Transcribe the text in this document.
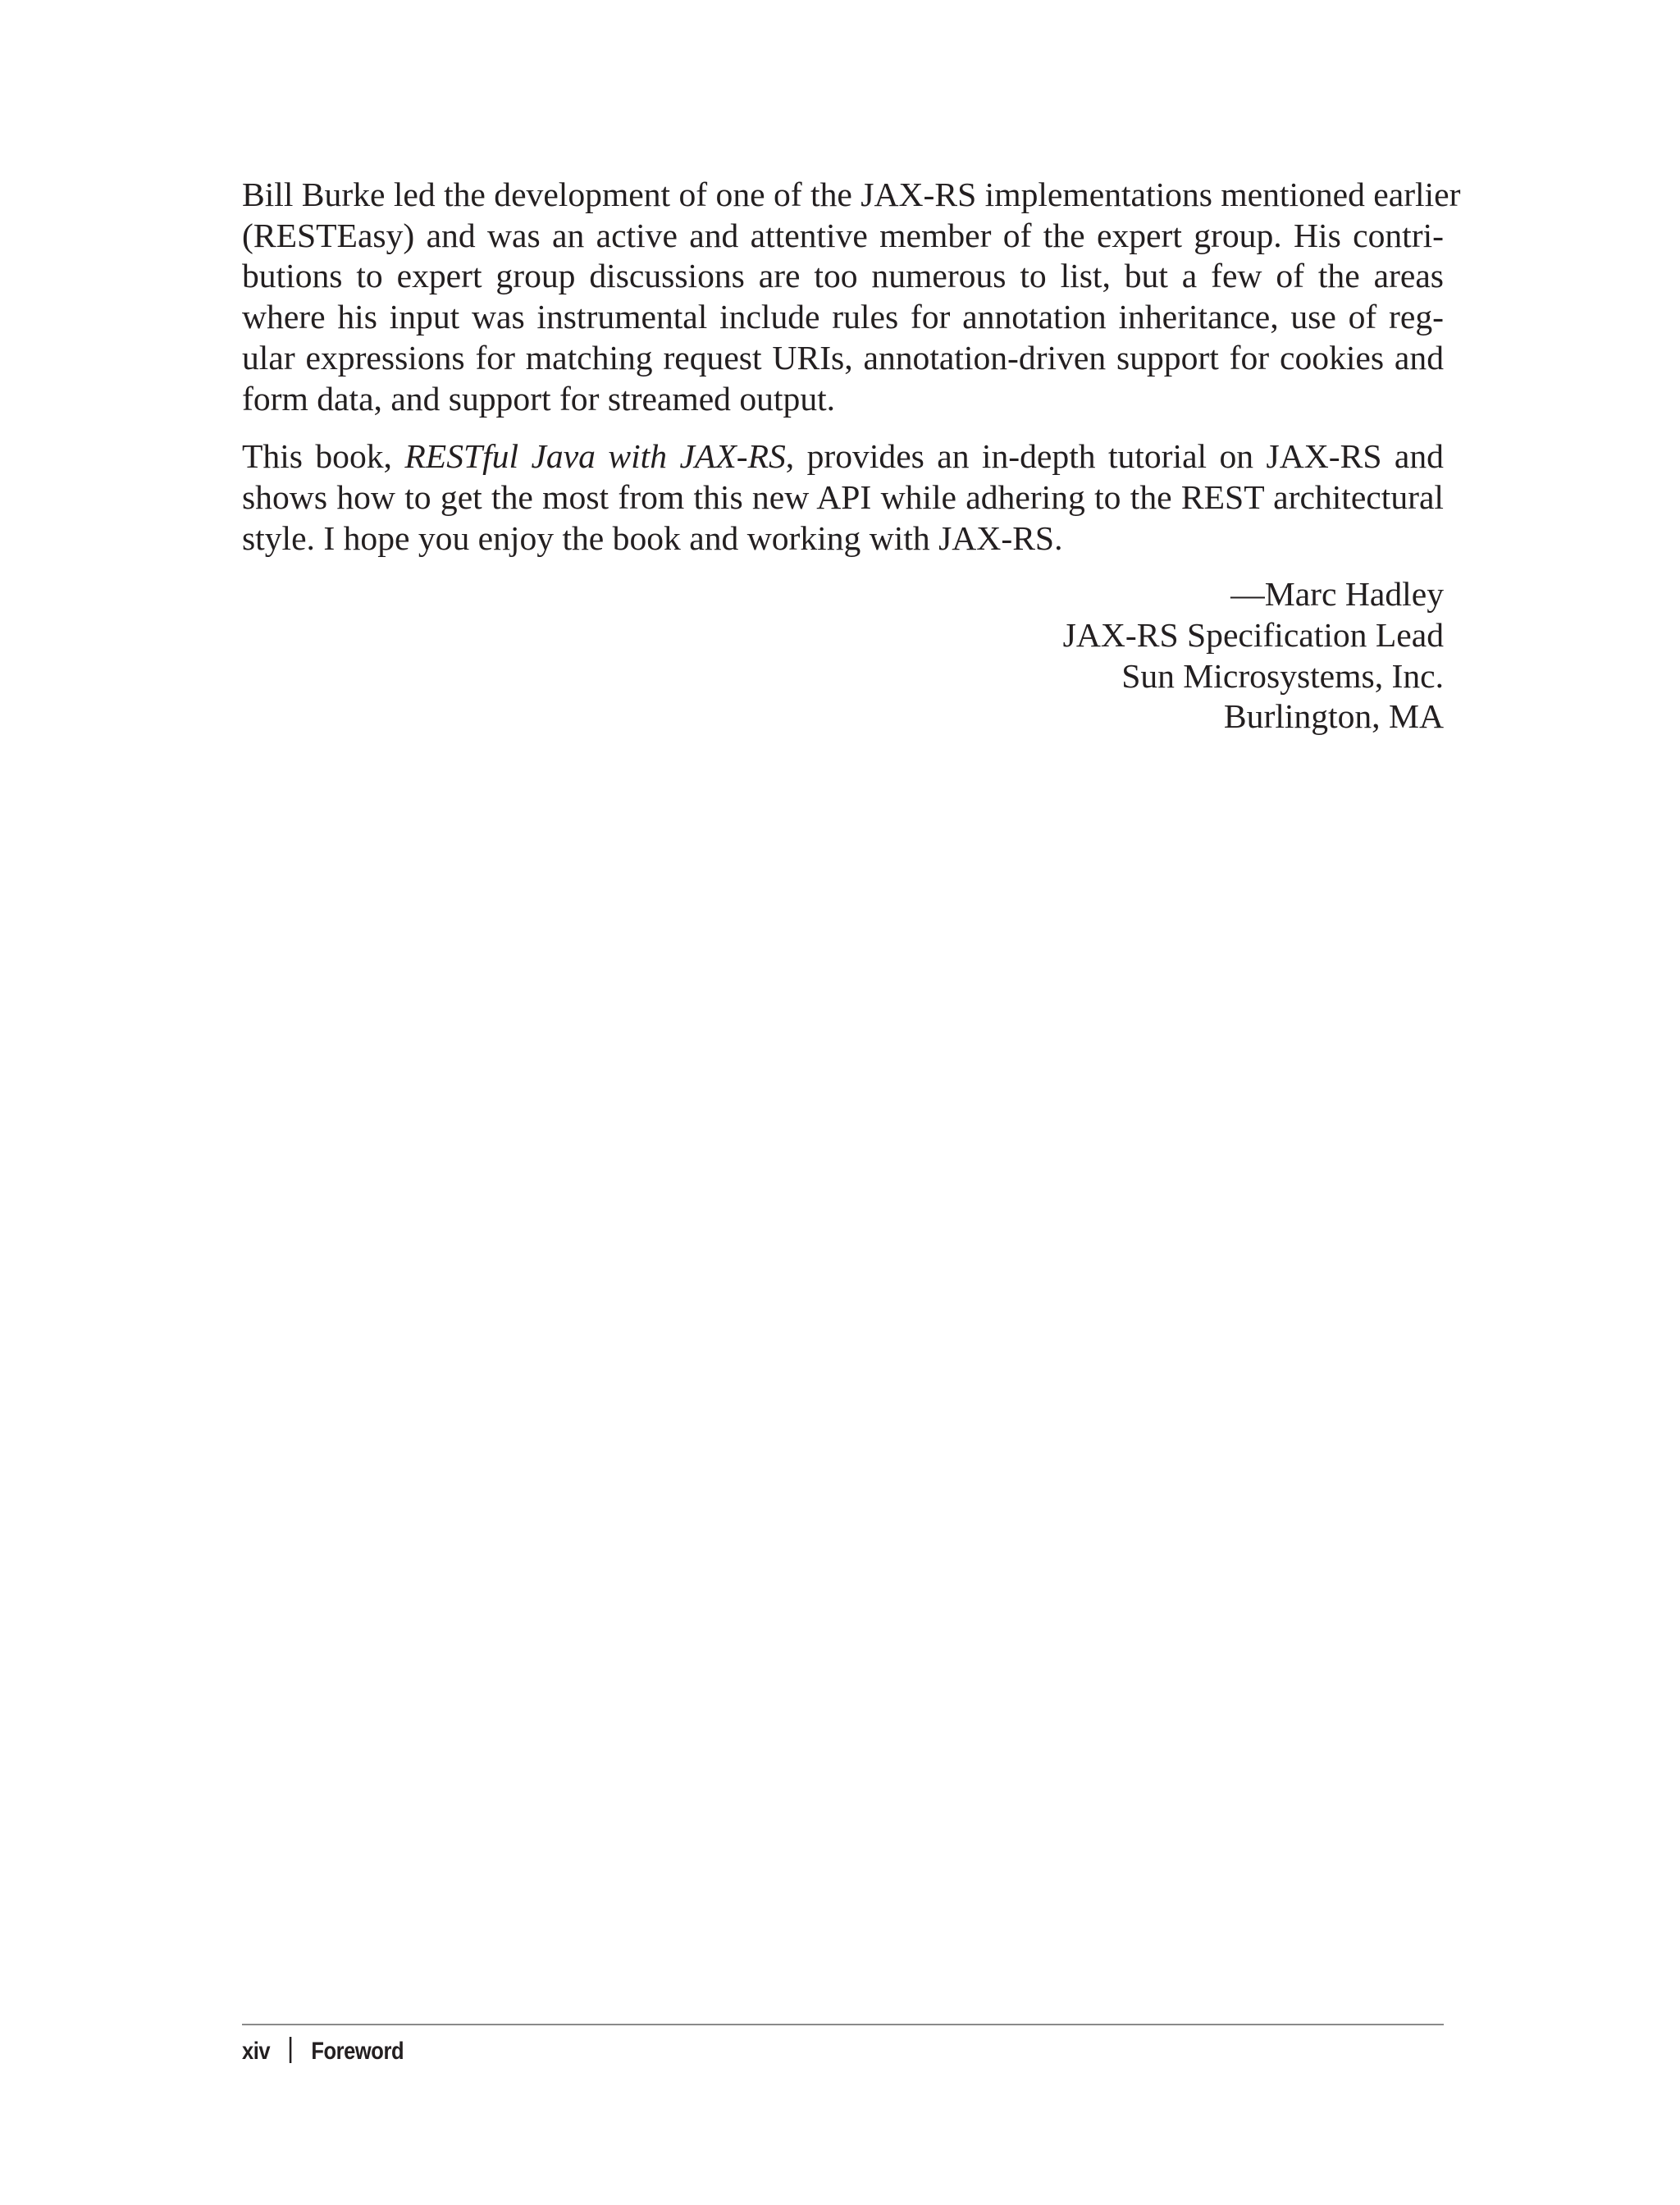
Bill Burke led the development of one of the JAX-RS implementations mentioned earlier
(RESTEasy) and was an active and attentive member of the expert group. His contri-
butions to expert group discussions are too numerous to list, but a few of the areas
where his input was instrumental include rules for annotation inheritance, use of reg-
ular expressions for matching request URIs, annotation-driven support for cookies and
form data, and support for streamed output.

This book, RESTful Java with JAX-RS, provides an in-depth tutorial on JAX-RS and
shows how to get the most from this new API while adhering to the REST architectural
style. I hope you enjoy the book and working with JAX-RS.

—Marc Hadley
JAX-RS Specification Lead
Sun Microsystems, Inc.
Burlington, MA
xiv Foreword
